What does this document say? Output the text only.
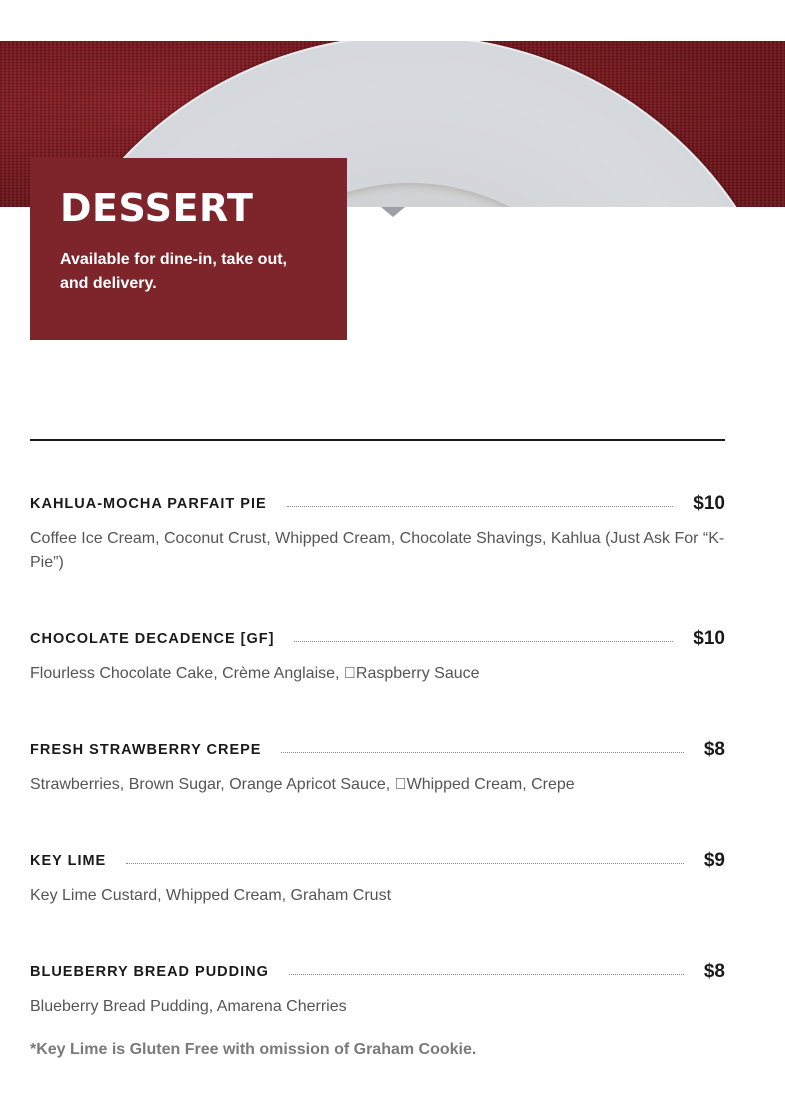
DESSERT

Available for dine-in, take out, and delivery.

KAHLUA-MOCHA PARFAIT PIE	$10
Coffee Ice Cream, Coconut Crust, Whipped Cream, Chocolate Shavings, Kahlua (Just Ask For “K-Pie”)
CHOCOLATE DECADENCE [GF]	$10
Flourless Chocolate Cake, Crème Anglaise,  Raspberry Sauce
FRESH STRAWBERRY CREPE	$8
Strawberries, Brown Sugar, Orange Apricot Sauce,  Whipped Cream, Crepe
KEY LIME	$9
Key Lime Custard, Whipped Cream, Graham Crust
BLUEBERRY BREAD PUDDING	$8
Blueberry Bread Pudding, Amarena Cherries
*Key Lime is Gluten Free with omission of Graham Cookie.
